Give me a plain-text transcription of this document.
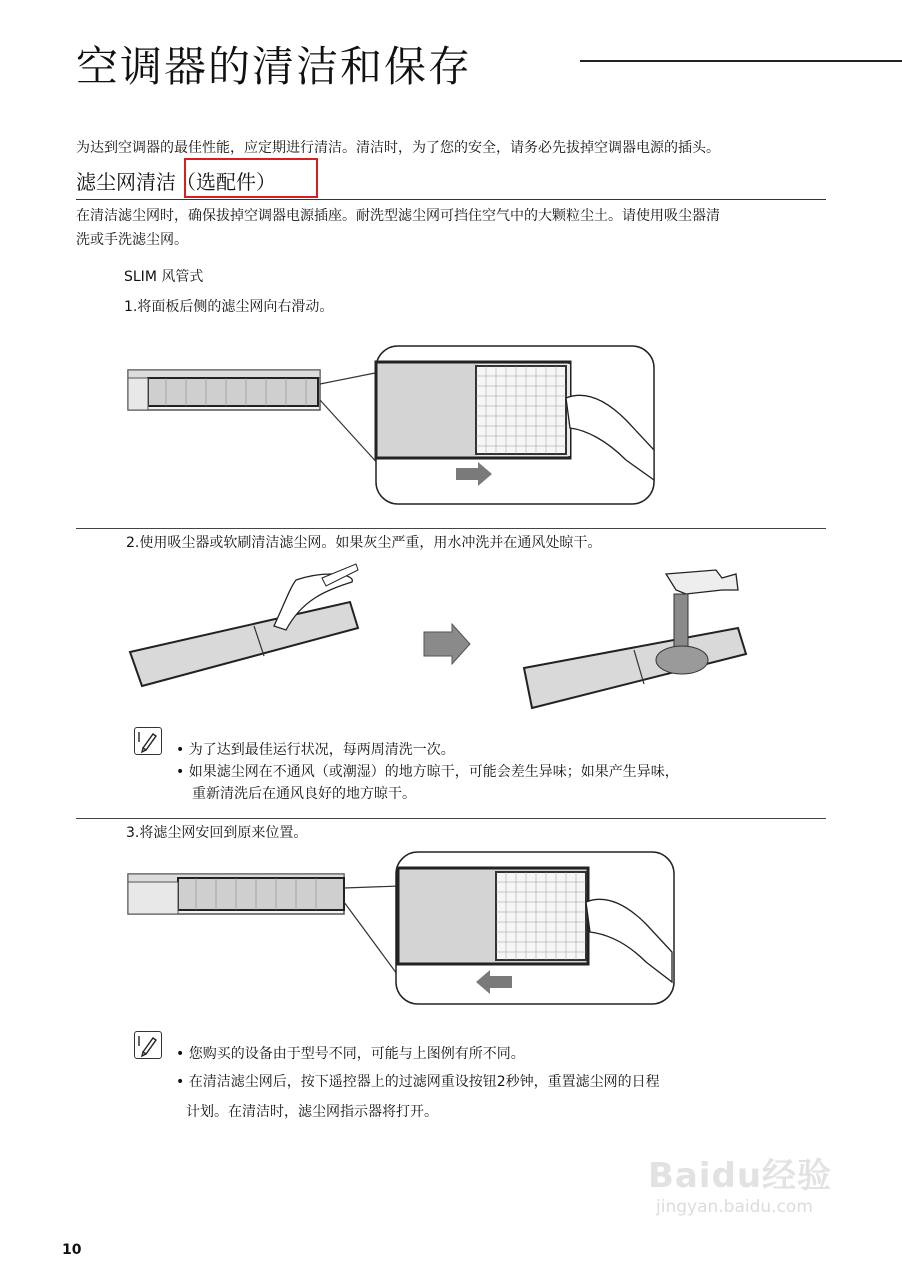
空调器的清洁和保存
为达到空调器的最佳性能，应定期进行清洁。清洁时，为了您的安全，请务必先拔掉空调器电源的插头。
滤尘网清洁（选配件）
在清洁滤尘网时，确保拔掉空调器电源插座。耐洗型滤尘网可挡住空气中的大颗粒尘土。请使用吸尘器清
洗或手洗滤尘网。
SLIM 风管式
1.将面板后侧的滤尘网向右滑动。
2.使用吸尘器或软刷清洁滤尘网。如果灰尘严重，用水冲洗并在通风处晾干。
• 为了达到最佳运行状况，每两周清洗一次。
• 如果滤尘网在不通风（或潮湿）的地方晾干，可能会差生异味；如果产生异味，
重新清洗后在通风良好的地方晾干。
3.将滤尘网安回到原来位置。
• 您购买的设备由于型号不同，可能与上图例有所不同。
• 在清洁滤尘网后，按下遥控器上的过滤网重设按钮2秒钟，重置滤尘网的日程
计划。在清洁时，滤尘网指示器将打开。
Baidu经验
jingyan.baidu.com
10
